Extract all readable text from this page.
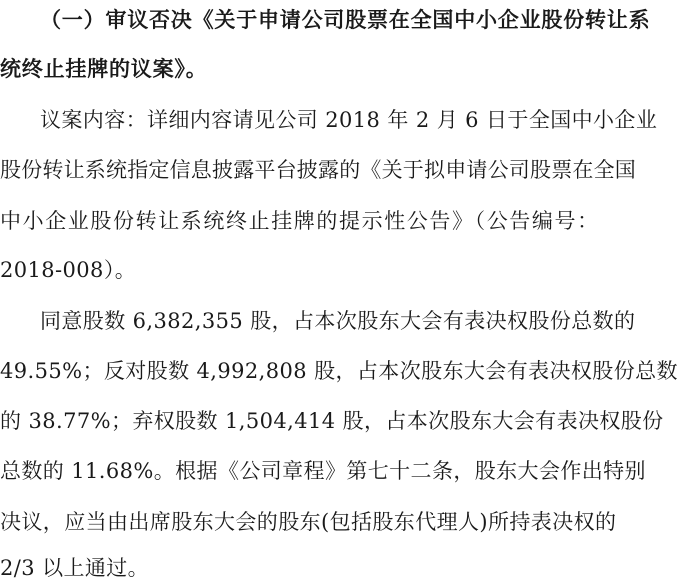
（一）审议否决《关于申请公司股票在全国中小企业股份转让系
统终止挂牌的议案》。
议案内容：详细内容请见公司 2018 年 2 月 6 日于全国中小企业
股份转让系统指定信息披露平台披露的《关于拟申请公司股票在全国
中小企业股份转让系统终止挂牌的提示性公告》（公告编号：
2018-008）。
同意股数 6,382,355 股，占本次股东大会有表决权股份总数的
49.55%；反对股数 4,992,808 股，占本次股东大会有表决权股份总数
的 38.77%；弃权股数 1,504,414 股，占本次股东大会有表决权股份
总数的 11.68%。根据《公司章程》第七十二条，股东大会作出特别
决议，应当由出席股东大会的股东(包括股东代理人)所持表决权的
2/3 以上通过。
